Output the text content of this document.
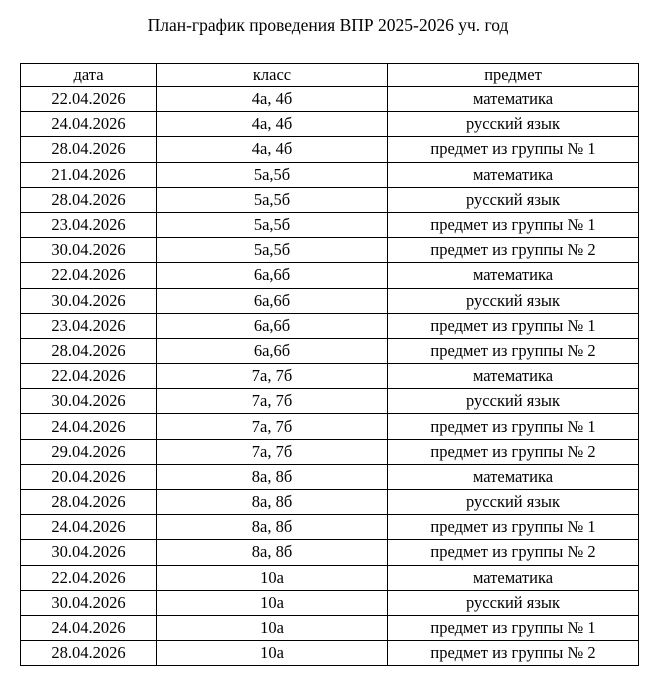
План-график проведения ВПР 2025-2026 уч. год
дата	класс	предмет
22.04.2026	4а, 4б	математика
24.04.2026	4а, 4б	русский язык
28.04.2026	4а, 4б	предмет из группы № 1
21.04.2026	5а,5б	математика
28.04.2026	5а,5б	русский язык
23.04.2026	5а,5б	предмет из группы № 1
30.04.2026	5а,5б	предмет из группы № 2
22.04.2026	6а,6б	математика
30.04.2026	6а,6б	русский язык
23.04.2026	6а,6б	предмет из группы № 1
28.04.2026	6а,6б	предмет из группы № 2
22.04.2026	7а, 7б	математика
30.04.2026	7а, 7б	русский язык
24.04.2026	7а, 7б	предмет из группы № 1
29.04.2026	7а, 7б	предмет из группы № 2
20.04.2026	8а, 8б	математика
28.04.2026	8а, 8б	русский язык
24.04.2026	8а, 8б	предмет из группы № 1
30.04.2026	8а, 8б	предмет из группы № 2
22.04.2026	10а	математика
30.04.2026	10а	русский язык
24.04.2026	10а	предмет из группы № 1
28.04.2026	10а	предмет из группы № 2
